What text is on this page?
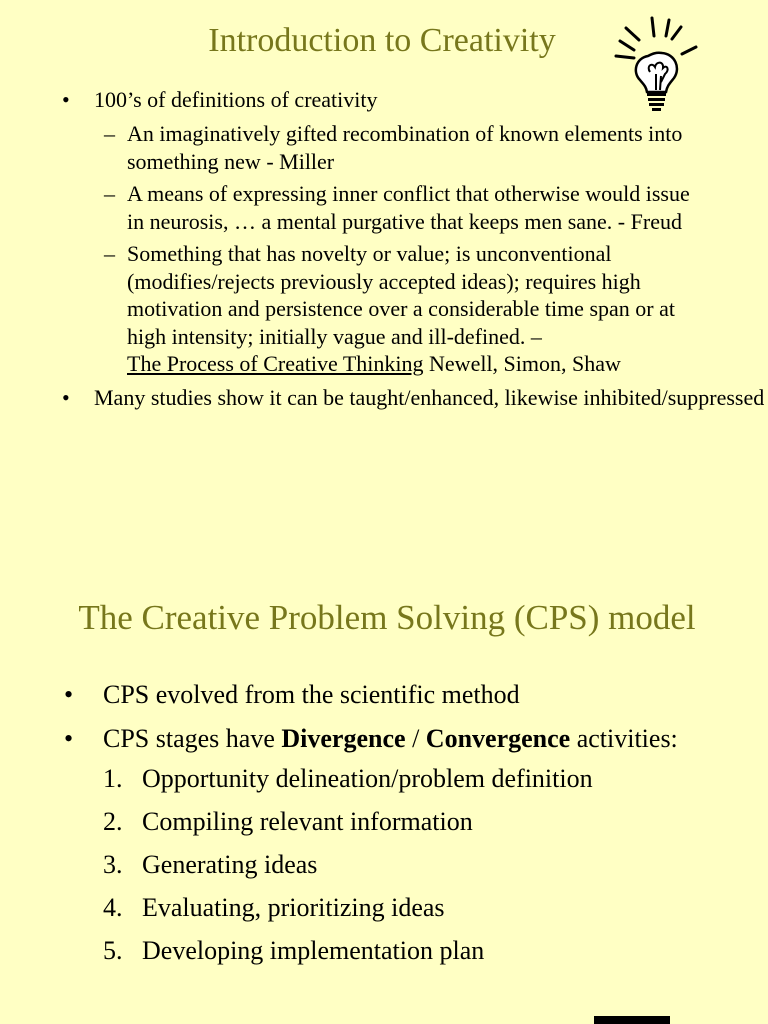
Introduction to Creativity
• 100’s of definitions of creativity
– An imaginatively gifted recombination of known elements into something new - Miller
– A means of expressing inner conflict that otherwise would issue in neurosis, … a mental purgative that keeps men sane. - Freud
– Something that has novelty or value; is unconventional (modifies/rejects previously accepted ideas); requires high motivation and persistence over a considerable time span or at high intensity; initially vague and ill-defined. –
The Process of Creative Thinking Newell, Simon, Shaw
• Many studies show it can be taught/enhanced, likewise inhibited/suppressed
The Creative Problem Solving (CPS) model
• CPS evolved from the scientific method
• CPS stages have Divergence / Convergence activities:
1. Opportunity delineation/problem definition
2. Compiling relevant information
3. Generating ideas
4. Evaluating, prioritizing ideas
5. Developing implementation plan
